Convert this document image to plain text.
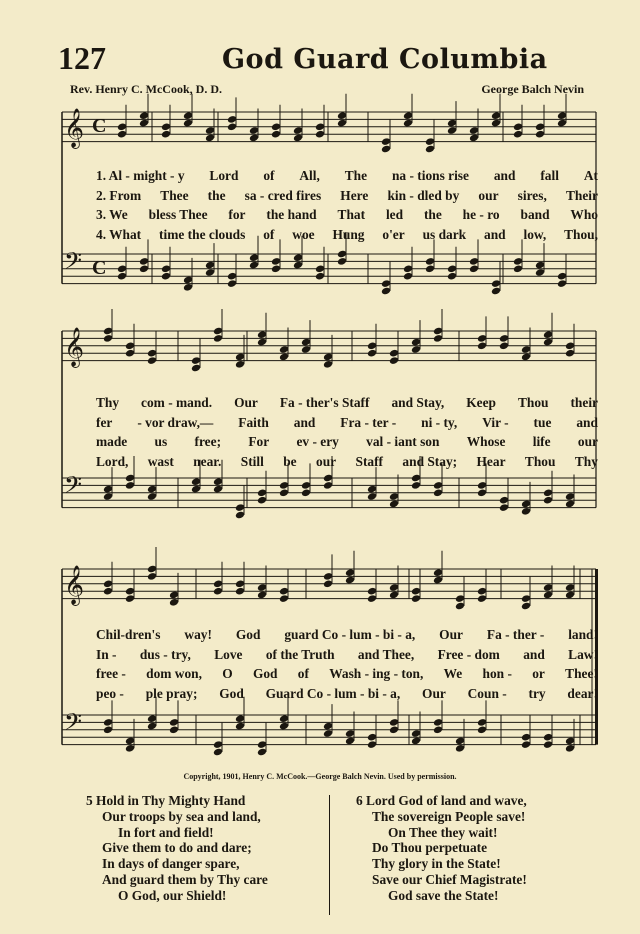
127	God Guard Columbia
Rev. Henry C. McCook, D. D.	George Balch Nevin
𝄞 C
𝄢 C
𝄞
𝄢
𝄞
𝄢
1. Al - might - y Lord of All, The na - tions rise and fall At
2. From Thee the sa - cred fires Here kin - dled by our sires, Their
3. We bless Thee for the hand That led the he - ro band Who
4. What time the clouds of woe Hung o'er us dark and low, Thou,
Thy com - mand. Our Fa - ther's Staff and Stay, Keep Thou their
fer - vor draw,— Faith and Fra - ter - ni - ty, Vir - tue and
made us free; For ev - ery val - iant son Whose life our
Lord, wast near. Still be our Staff and Stay; Hear Thou Thy
Chil-dren's way! God guard Co - lum - bi - a, Our Fa - ther - land!
In - dus - try, Love of the Truth and Thee, Free - dom and Law!
free - dom won, O God of Wash - ing - ton, We hon - or Thee!
peo - ple pray; God Guard Co - lum - bi - a, Our Coun - try dear!
Copyright, 1901, Henry C. McCook.—George Balch Nevin. Used by permission.
5 Hold in Thy Mighty Hand
Our troops by sea and land,
In fort and field!
Give them to do and dare;
In days of danger spare,
And guard them by Thy care
O God, our Shield!
6 Lord God of land and wave,
The sovereign People save!
On Thee they wait!
Do Thou perpetuate
Thy glory in the State!
Save our Chief Magistrate!
God save the State!
